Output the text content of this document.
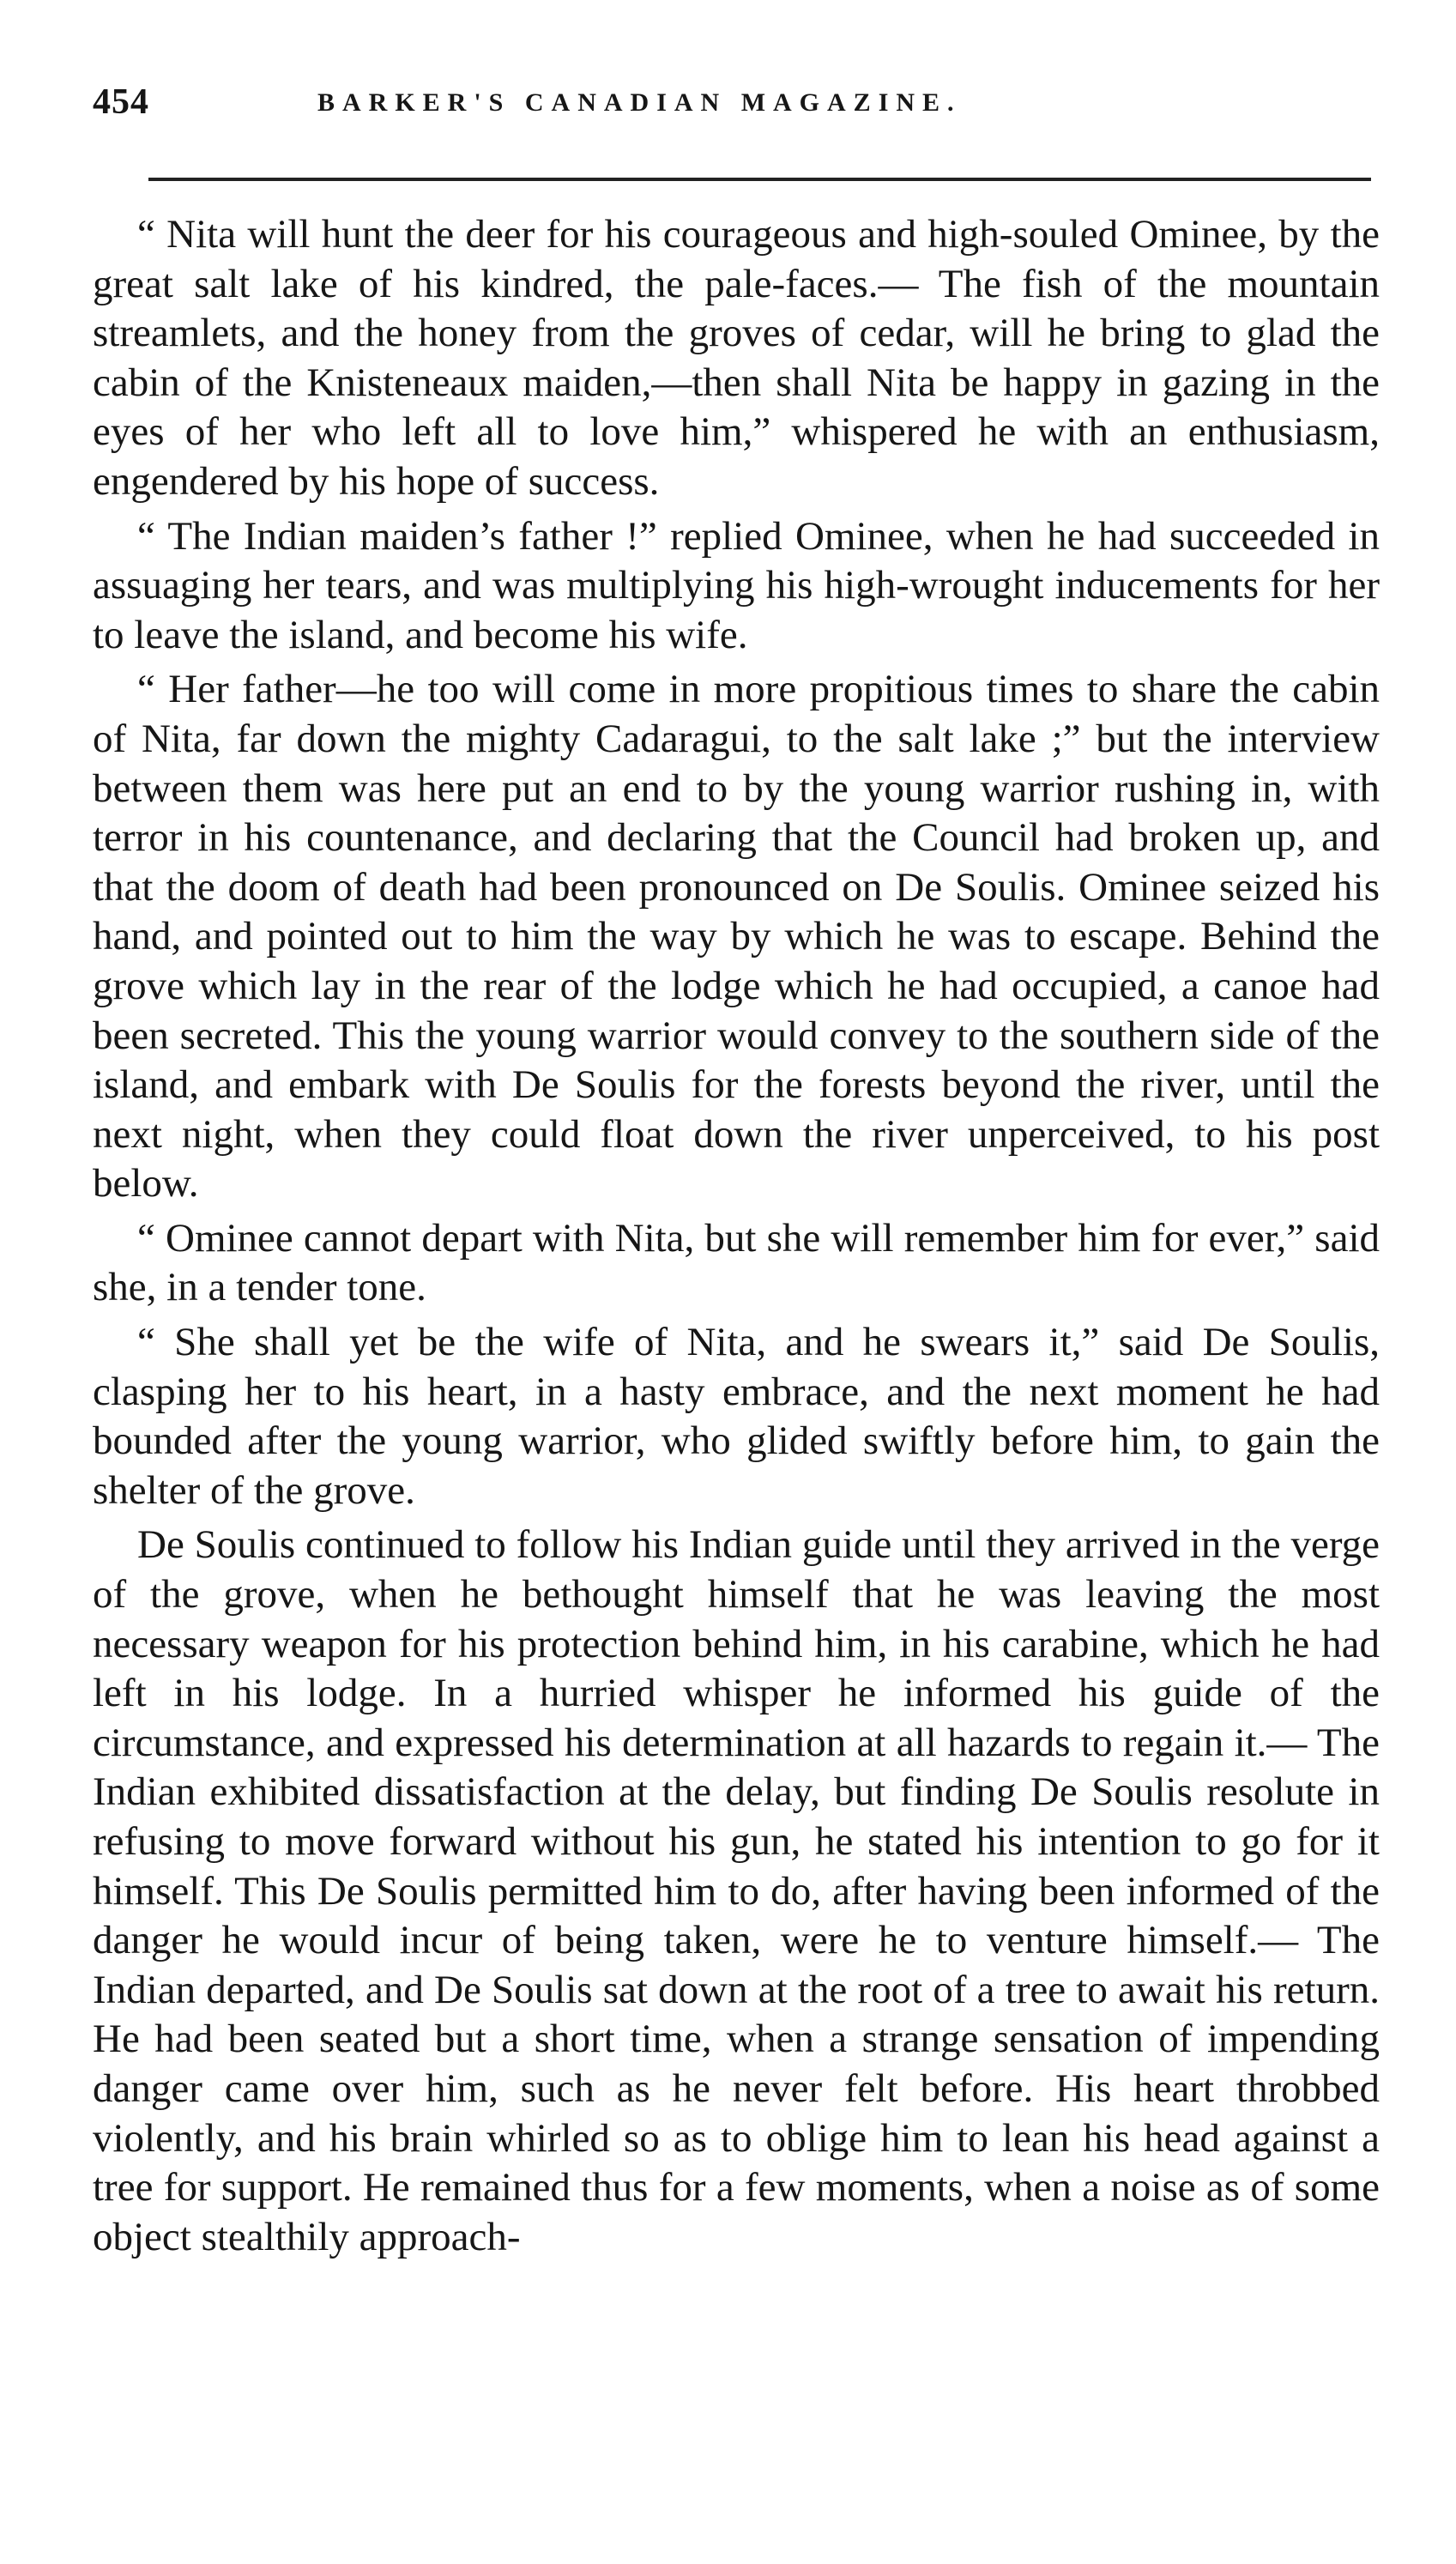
454	BARKER'S CANADIAN MAGAZINE.

“ Nita will hunt the deer for his courageous and high-souled Ominee, by the great salt lake of his kindred, the pale-faces.— The fish of the mountain streamlets, and the honey from the groves of cedar, will he bring to glad the cabin of the Knisteneaux maiden,—then shall Nita be happy in gazing in the eyes of her who left all to love him,” whispered he with an enthusiasm, engendered by his hope of success.

“ The Indian maiden’s father !” replied Ominee, when he had succeeded in assuaging her tears, and was multiplying his high-wrought inducements for her to leave the island, and become his wife.

“ Her father—he too will come in more propitious times to share the cabin of Nita, far down the mighty Cadaragui, to the salt lake ;” but the interview between them was here put an end to by the young warrior rushing in, with terror in his countenance, and declaring that the Council had broken up, and that the doom of death had been pronounced on De Soulis. Ominee seized his hand, and pointed out to him the way by which he was to escape. Behind the grove which lay in the rear of the lodge which he had occupied, a canoe had been secreted. This the young warrior would convey to the southern side of the island, and embark with De Soulis for the forests beyond the river, until the next night, when they could float down the river unperceived, to his post below.

“ Ominee cannot depart with Nita, but she will remember him for ever,” said she, in a tender tone.

“ She shall yet be the wife of Nita, and he swears it,” said De Soulis, clasping her to his heart, in a hasty embrace, and the next moment he had bounded after the young warrior, who glided swiftly before him, to gain the shelter of the grove.

De Soulis continued to follow his Indian guide until they arrived in the verge of the grove, when he bethought himself that he was leaving the most necessary weapon for his protection behind him, in his carabine, which he had left in his lodge. In a hurried whisper he informed his guide of the circumstance, and expressed his determination at all hazards to regain it.— The Indian exhibited dissatisfaction at the delay, but finding De Soulis resolute in refusing to move forward without his gun, he stated his intention to go for it himself. This De Soulis permitted him to do, after having been informed of the danger he would incur of being taken, were he to venture himself.— The Indian departed, and De Soulis sat down at the root of a tree to await his return. He had been seated but a short time, when a strange sensation of impending danger came over him, such as he never felt before. His heart throbbed violently, and his brain whirled so as to oblige him to lean his head against a tree for support. He remained thus for a few moments, when a noise as of some object stealthily approach-
